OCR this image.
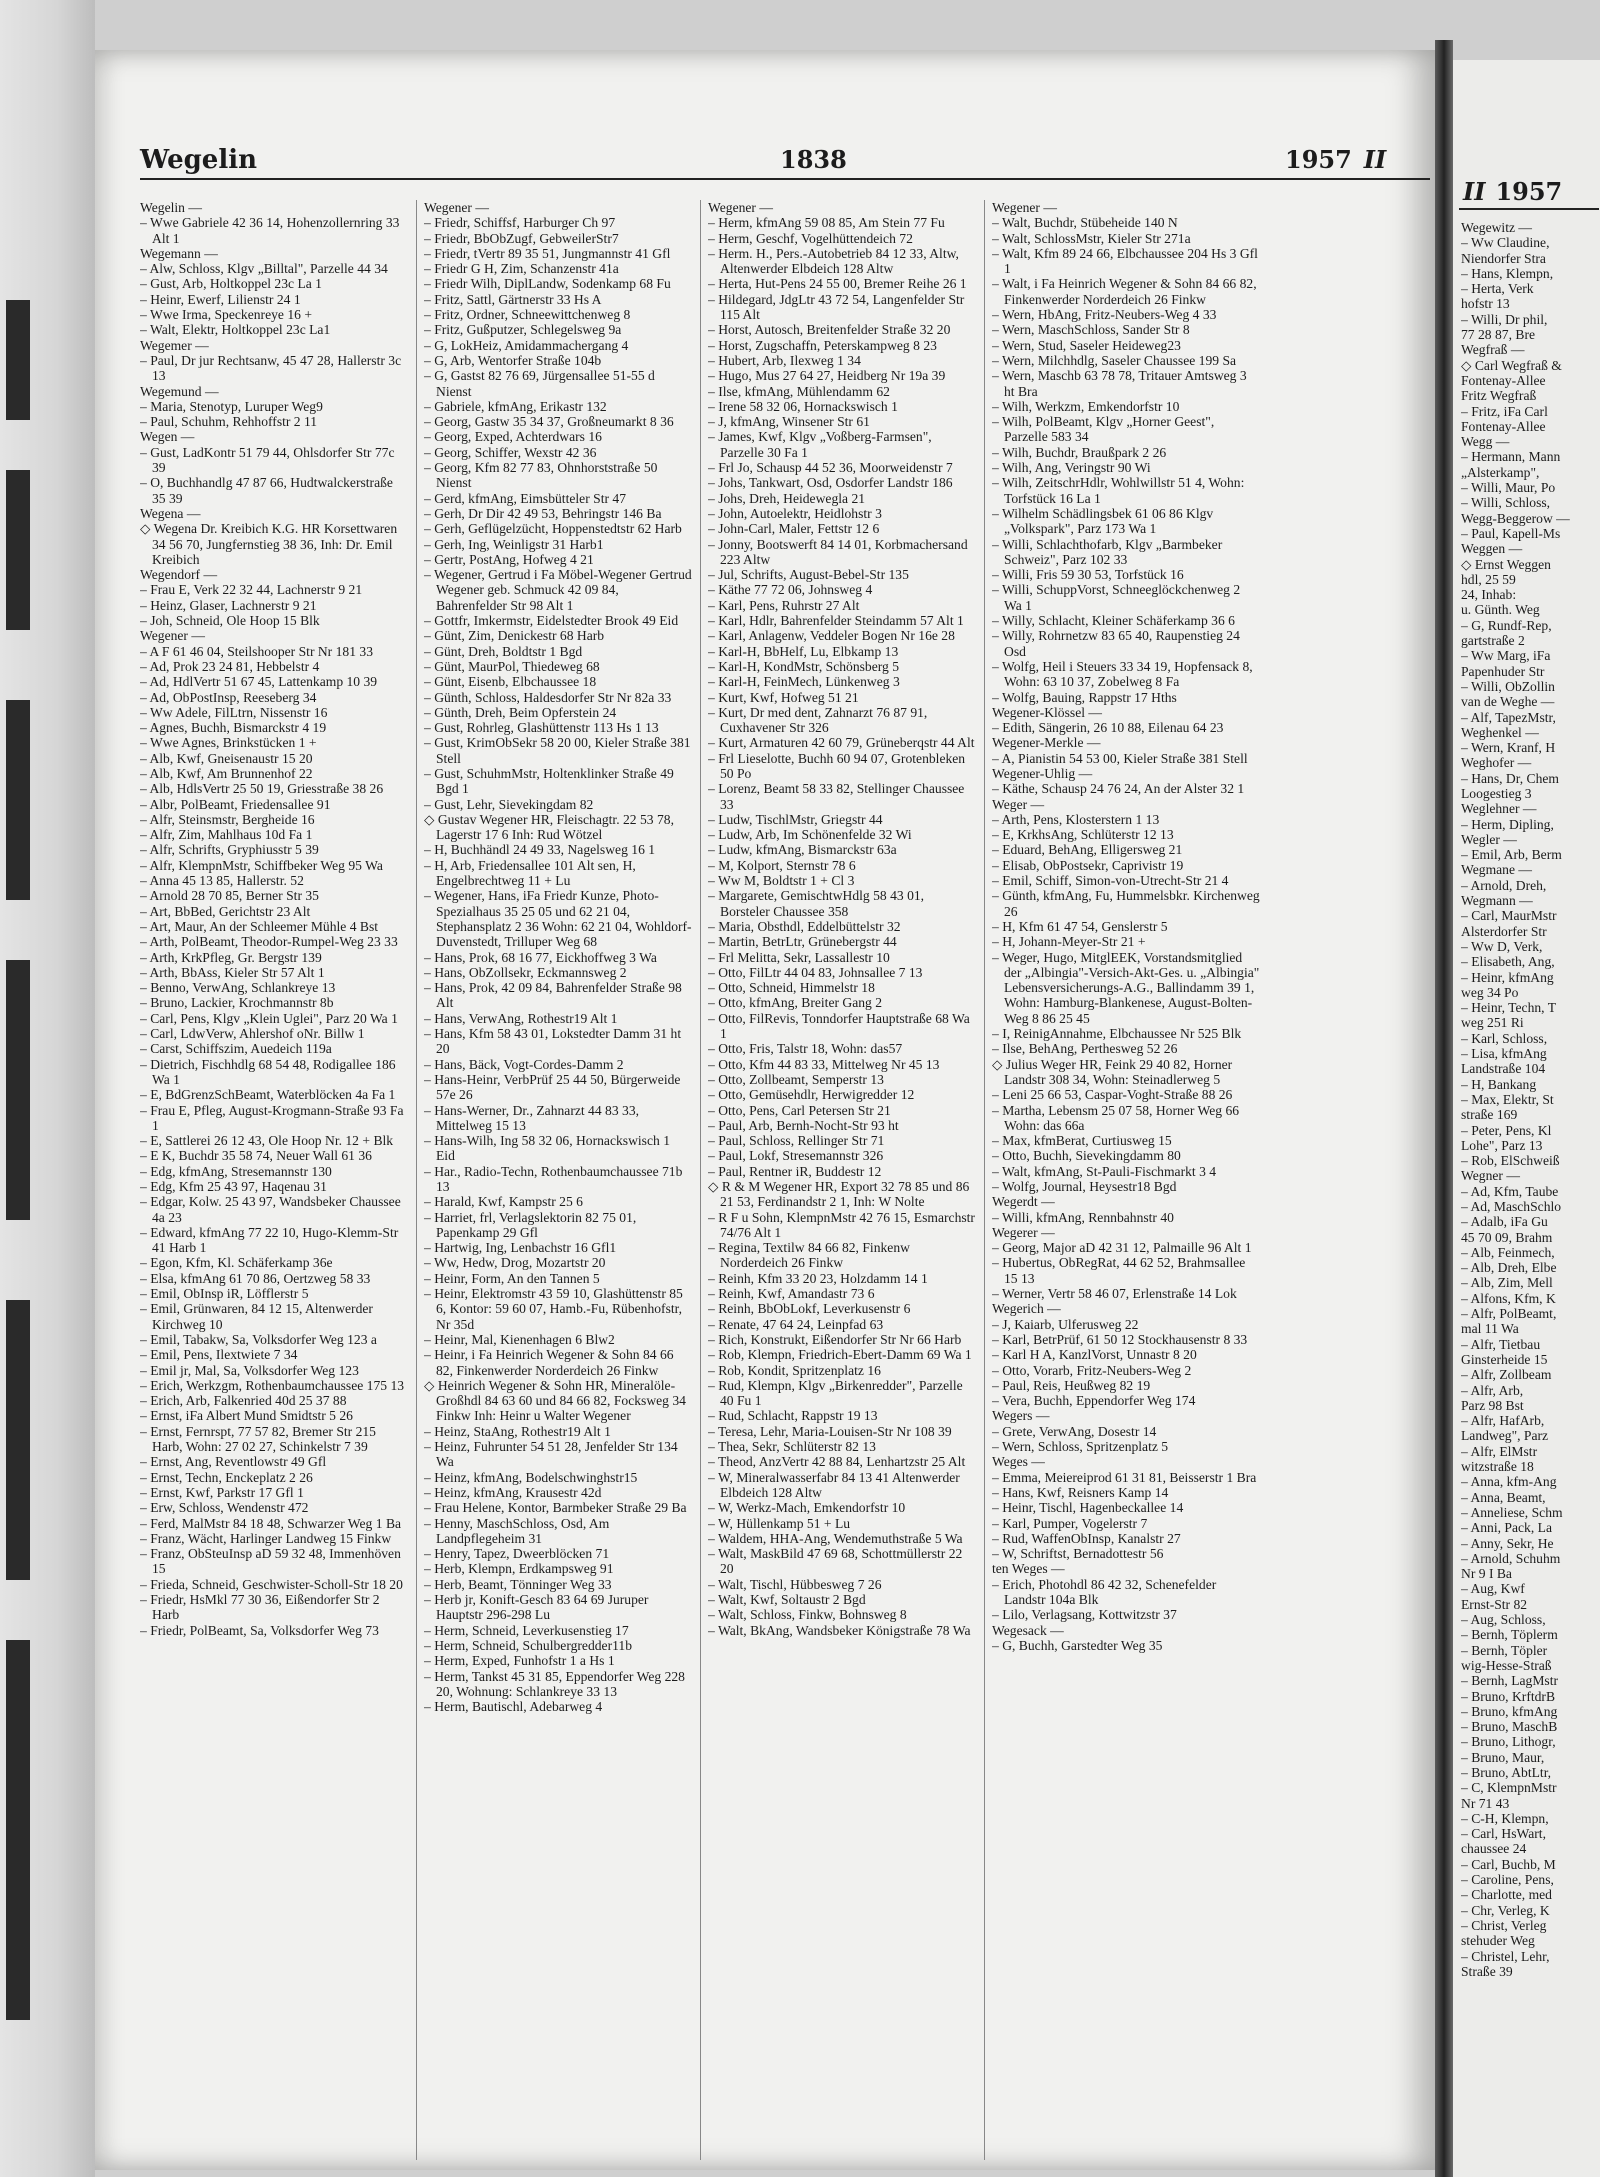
Wegelin	1838	1957 II
Wegelin —
– Wwe Gabriele 42 36 14, Hohenzollernring 33 Alt 1
Wegemann —
– Alw, Schloss, Klgv „Billtal", Parzelle 44 34
– Gust, Arb, Holtkoppel 23c La 1
– Heinr, Ewerf, Lilienstr 24 1
– Wwe Irma, Speckenreye 16 +
– Walt, Elektr, Holtkoppel 23c La1
Wegemer —
– Paul, Dr jur Rechtsanw, 45 47 28, Hallerstr 3c 13
Wegemund —
– Maria, Stenotyp, Luruper Weg9
– Paul, Schuhm, Rehhoffstr 2 11
Wegen —
– Gust, LadKontr 51 79 44, Ohlsdorfer Str 77c 39
– O, Buchhandlg 47 87 66, Hudtwalckerstraße 35 39
Wegena —
◇ Wegena Dr. Kreibich K.G. HR Korsettwaren 34 56 70, Jungfernstieg 38 36, Inh: Dr. Emil Kreibich
Wegendorf —
– Frau E, Verk 22 32 44, Lachnerstr 9 21
– Heinz, Glaser, Lachnerstr 9 21
– Joh, Schneid, Ole Hoop 15 Blk
Wegener —
– A F 61 46 04, Steilshooper Str Nr 181 33
– Ad, Prok 23 24 81, Hebbelstr 4
– Ad, HdlVertr 51 67 45, Lattenkamp 10 39
– Ad, ObPostInsp, Reeseberg 34
– Ww Adele, FilLtrn, Nissenstr 16
– Agnes, Buchh, Bismarckstr 4 19
– Wwe Agnes, Brinkstücken 1 +
– Alb, Kwf, Gneisenaustr 15 20
– Alb, Kwf, Am Brunnenhof 22
– Alb, HdlsVertr 25 50 19, Griesstraße 38 26
– Albr, PolBeamt, Friedensallee 91
– Alfr, Steinsmstr, Bergheide 16
– Alfr, Zim, Mahlhaus 10d Fa 1
– Alfr, Schrifts, Gryphiusstr 5 39
– Alfr, KlempnMstr, Schiffbeker Weg 95 Wa
– Anna 45 13 85, Hallerstr. 52
– Arnold 28 70 85, Berner Str 35
– Art, BbBed, Gerichtstr 23 Alt
– Art, Maur, An der Schleemer Mühle 4 Bst
– Arth, PolBeamt, Theodor-Rumpel-Weg 23 33
– Arth, KrkPfleg, Gr. Bergstr 139
– Arth, BbAss, Kieler Str 57 Alt 1
– Benno, VerwAng, Schlankreye 13
– Bruno, Lackier, Krochmannstr 8b
– Carl, Pens, Klgv „Klein Uglei", Parz 20 Wa 1
– Carl, LdwVerw, Ahlershof oNr. Billw 1
– Carst, Schiffszim, Auedeich 119a
– Dietrich, Fischhdlg 68 54 48, Rodigallee 186 Wa 1
– E, BdGrenzSchBeamt, Waterblöcken 4a Fa 1
– Frau E, Pfleg, August-Krogmann-Straße 93 Fa 1
– E, Sattlerei 26 12 43, Ole Hoop Nr. 12 + Blk
– E K, Buchdr 35 58 74, Neuer Wall 61 36
– Edg, kfmAng, Stresemannstr 130
– Edg, Kfm 25 43 97, Haqenau 31
– Edgar, Kolw. 25 43 97, Wandsbeker Chaussee 4a 23
– Edward, kfmAng 77 22 10, Hugo-Klemm-Str 41 Harb 1
– Egon, Kfm, Kl. Schäferkamp 36e
– Elsa, kfmAng 61 70 86, Oertzweg 58 33
– Emil, ObInsp iR, Löfflerstr 5
– Emil, Grünwaren, 84 12 15, Altenwerder Kirchweg 10
– Emil, Tabakw, Sa, Volksdorfer Weg 123 a
– Emil, Pens, Ilextwiete 7 34
– Emil jr, Mal, Sa, Volksdorfer Weg 123
– Erich, Werkzgm, Rothenbaumchaussee 175 13
– Erich, Arb, Falkenried 40d 25 37 88
– Ernst, iFa Albert Mund Smidtstr 5 26
– Ernst, Fernrspt, 77 57 82, Bremer Str 215 Harb, Wohn: 27 02 27, Schinkelstr 7 39
– Ernst, Ang, Reventlowstr 49 Gfl
– Ernst, Techn, Enckeplatz 2 26
– Ernst, Kwf, Parkstr 17 Gfl 1
– Erw, Schloss, Wendenstr 472
– Ferd, MalMstr 84 18 48, Schwarzer Weg 1 Ba
– Franz, Wächt, Harlinger Landweg 15 Finkw
– Franz, ObSteuInsp aD 59 32 48, Immenhöven 15
– Frieda, Schneid, Geschwister-Scholl-Str 18 20
– Friedr, HsMkl 77 30 36, Eißendorfer Str 2 Harb
– Friedr, PolBeamt, Sa, Volksdorfer Weg 73
Wegener —
– Friedr, Schiffsf, Harburger Ch 97
– Friedr, BbObZugf, GebweilerStr7
– Friedr, tVertr 89 35 51, Jungmannstr 41 Gfl
– Friedr G H, Zim, Schanzenstr 41a
– Friedr Wilh, DiplLandw, Sodenkamp 68 Fu
– Fritz, Sattl, Gärtnerstr 33 Hs A
– Fritz, Ordner, Schneewittchenweg 8
– Fritz, Gußputzer, Schlegelsweg 9a
– G, LokHeiz, Amidammachergang 4
– G, Arb, Wentorfer Straße 104b
– G, Gastst 82 76 69, Jürgensallee 51-55 d Nienst
– Gabriele, kfmAng, Erikastr 132
– Georg, Gastw 35 34 37, Großneumarkt 8 36
– Georg, Exped, Achterdwars 16
– Georg, Schiffer, Wexstr 42 36
– Georg, Kfm 82 77 83, Ohnhorststraße 50 Nienst
– Gerd, kfmAng, Eimsbütteler Str 47
– Gerh, Dr Dir 42 49 53, Behringstr 146 Ba
– Gerh, Geflügelzücht, Hoppenstedtstr 62 Harb
– Gerh, Ing, Weinligstr 31 Harb1
– Gertr, PostAng, Hofweg 4 21
– Wegener, Gertrud i Fa Möbel-Wegener Gertrud Wegener geb. Schmuck 42 09 84, Bahrenfelder Str 98 Alt 1
– Gottfr, Imkermstr, Eidelstedter Brook 49 Eid
– Günt, Zim, Denickestr 68 Harb
– Günt, Dreh, Boldtstr 1 Bgd
– Günt, MaurPol, Thiedeweg 68
– Günt, Eisenb, Elbchaussee 18
– Günth, Schloss, Haldesdorfer Str Nr 82a 33
– Günth, Dreh, Beim Opferstein 24
– Gust, Rohrleg, Glashüttenstr 113 Hs 1 13
– Gust, KrimObSekr 58 20 00, Kieler Straße 381 Stell
– Gust, SchuhmMstr, Holtenklinker Straße 49 Bgd 1
– Gust, Lehr, Sievekingdam 82
◇ Gustav Wegener HR, Fleischagtr. 22 53 78, Lagerstr 17 6 Inh: Rud Wötzel
– H, Buchhändl 24 49 33, Nagelsweg 16 1
– H, Arb, Friedensallee 101 Alt sen, H, Engelbrechtweg 11 + Lu
– Wegener, Hans, iFa Friedr Kunze, Photo-Spezialhaus 35 25 05 und 62 21 04, Stephansplatz 2 36 Wohn: 62 21 04, Wohldorf-Duvenstedt, Trilluper Weg 68
– Hans, Prok, 68 16 77, Eickhoffweg 3 Wa
– Hans, ObZollsekr, Eckmannsweg 2
– Hans, Prok, 42 09 84, Bahrenfelder Straße 98 Alt
– Hans, VerwAng, Rothestr19 Alt 1
– Hans, Kfm 58 43 01, Lokstedter Damm 31 ht 20
– Hans, Bäck, Vogt-Cordes-Damm 2
– Hans-Heinr, VerbPrüf 25 44 50, Bürgerweide 57e 26
– Hans-Werner, Dr., Zahnarzt 44 83 33, Mittelweg 15 13
– Hans-Wilh, Ing 58 32 06, Hornackswisch 1 Eid
– Har., Radio-Techn, Rothenbaumchaussee 71b 13
– Harald, Kwf, Kampstr 25 6
– Harriet, frl, Verlagslektorin 82 75 01, Papenkamp 29 Gfl
– Hartwig, Ing, Lenbachstr 16 Gfl1
– Ww, Hedw, Drog, Mozartstr 20
– Heinr, Form, An den Tannen 5
– Heinr, Elektromstr 43 59 10, Glashüttenstr 85 6, Kontor: 59 60 07, Hamb.-Fu, Rübenhofstr, Nr 35d
– Heinr, Mal, Kienenhagen 6 Blw2
– Heinr, i Fa Heinrich Wegener & Sohn 84 66 82, Finkenwerder Norderdeich 26 Finkw
◇ Heinrich Wegener & Sohn HR, Mineralöle-Großhdl 84 63 60 und 84 66 82, Focksweg 34 Finkw Inh: Heinr u Walter Wegener
– Heinz, StaAng, Rothestr19 Alt 1
– Heinz, Fuhrunter 54 51 28, Jenfelder Str 134 Wa
– Heinz, kfmAng, Bodelschwinghstr15
– Heinz, kfmAng, Krausestr 42d
– Frau Helene, Kontor, Barmbeker Straße 29 Ba
– Henny, MaschSchloss, Osd, Am Landpflegeheim 31
– Henry, Tapez, Dweerblöcken 71
– Herb, Klempn, Erdkampsweg 91
– Herb, Beamt, Tönninger Weg 33
– Herb jr, Konift-Gesch 83 64 69 Juruper Hauptstr 296-298 Lu
– Herm, Schneid, Leverkusenstieg 17
– Herm, Schneid, Schulbergredder11b
– Herm, Exped, Funhofstr 1 a Hs 1
– Herm, Tankst 45 31 85, Eppendorfer Weg 228 20, Wohnung: Schlankreye 33 13
– Herm, Bautischl, Adebarweg 4
Wegener —
– Herm, kfmAng 59 08 85, Am Stein 77 Fu
– Herm, Geschf, Vogelhüttendeich 72
– Herm. H., Pers.-Autobetrieb 84 12 33, Altw, Altenwerder Elbdeich 128 Altw
– Herta, Hut-Pens 24 55 00, Bremer Reihe 26 1
– Hildegard, JdgLtr 43 72 54, Langenfelder Str 115 Alt
– Horst, Autosch, Breitenfelder Straße 32 20
– Horst, Zugschaffn, Peterskampweg 8 23
– Hubert, Arb, Ilexweg 1 34
– Hugo, Mus 27 64 27, Heidberg Nr 19a 39
– Ilse, kfmAng, Mühlendamm 62
– Irene 58 32 06, Hornackswisch 1
– J, kfmAng, Winsener Str 61
– James, Kwf, Klgv „Voßberg-Farmsen", Parzelle 30 Fa 1
– Frl Jo, Schausp 44 52 36, Moorweidenstr 7
– Johs, Tankwart, Osd, Osdorfer Landstr 186
– Johs, Dreh, Heidewegla 21
– John, Autoelektr, Heidlohstr 3
– John-Carl, Maler, Fettstr 12 6
– Jonny, Bootswerft 84 14 01, Korbmachersand 223 Altw
– Jul, Schrifts, August-Bebel-Str 135
– Käthe 77 72 06, Johnsweg 4
– Karl, Pens, Ruhrstr 27 Alt
– Karl, Hdlr, Bahrenfelder Steindamm 57 Alt 1
– Karl, Anlagenw, Veddeler Bogen Nr 16e 28
– Karl-H, BbHelf, Lu, Elbkamp 13
– Karl-H, KondMstr, Schönsberg 5
– Karl-H, FeinMech, Lünkenweg 3
– Kurt, Kwf, Hofweg 51 21
– Kurt, Dr med dent, Zahnarzt 76 87 91, Cuxhavener Str 326
– Kurt, Armaturen 42 60 79, Grüneberqstr 44 Alt
– Frl Lieselotte, Buchh 60 94 07, Grotenbleken 50 Po
– Lorenz, Beamt 58 33 82, Stellinger Chaussee 33
– Ludw, TischlMstr, Griegstr 44
– Ludw, Arb, Im Schönenfelde 32 Wi
– Ludw, kfmAng, Bismarckstr 63a
– M, Kolport, Sternstr 78 6
– Ww M, Boldtstr 1 + Cl 3
– Margarete, GemischtwHdlg 58 43 01, Borsteler Chaussee 358
– Maria, Obsthdl, Eddelbüttelstr 32
– Martin, BetrLtr, Grünebergstr 44
– Frl Melitta, Sekr, Lassallestr 10
– Otto, FilLtr 44 04 83, Johnsallee 7 13
– Otto, Schneid, Himmelstr 18
– Otto, kfmAng, Breiter Gang 2
– Otto, FilRevis, Tonndorfer Hauptstraße 68 Wa 1
– Otto, Fris, Talstr 18, Wohn: das57
– Otto, Kfm 44 83 33, Mittelweg Nr 45 13
– Otto, Zollbeamt, Semperstr 13
– Otto, Gemüsehdlr, Herwigredder 12
– Otto, Pens, Carl Petersen Str 21
– Paul, Arb, Bernh-Nocht-Str 93 ht
– Paul, Schloss, Rellinger Str 71
– Paul, Lokf, Stresemannstr 326
– Paul, Rentner iR, Buddestr 12
◇ R & M Wegener HR, Export 32 78 85 und 86 21 53, Ferdinandstr 2 1, Inh: W Nolte
– R F u Sohn, KlempnMstr 42 76 15, Esmarchstr 74/76 Alt 1
– Regina, Textilw 84 66 82, Finkenw Norderdeich 26 Finkw
– Reinh, Kfm 33 20 23, Holzdamm 14 1
– Reinh, Kwf, Amandastr 73 6
– Reinh, BbObLokf, Leverkusenstr 6
– Renate, 47 64 24, Leinpfad 63
– Rich, Konstrukt, Eißendorfer Str Nr 66 Harb
– Rob, Klempn, Friedrich-Ebert-Damm 69 Wa 1
– Rob, Kondit, Spritzenplatz 16
– Rud, Klempn, Klgv „Birkenredder", Parzelle 40 Fu 1
– Rud, Schlacht, Rappstr 19 13
– Teresa, Lehr, Maria-Louisen-Str Nr 108 39
– Thea, Sekr, Schlüterstr 82 13
– Theod, AnzVertr 42 88 84, Lenhartzstr 25 Alt
– W, Mineralwasserfabr 84 13 41 Altenwerder Elbdeich 128 Altw
– W, Werkz-Mach, Emkendorfstr 10
– W, Hüllenkamp 51 + Lu
– Waldem, HHA-Ang, Wendemuthstraße 5 Wa
– Walt, MaskBild 47 69 68, Schottmüllerstr 22 20
– Walt, Tischl, Hübbesweg 7 26
– Walt, Kwf, Soltaustr 2 Bgd
– Walt, Schloss, Finkw, Bohnsweg 8
– Walt, BkAng, Wandsbeker Königstraße 78 Wa
Wegener —
– Walt, Buchdr, Stübeheide 140 N
– Walt, SchlossMstr, Kieler Str 271a
– Walt, Kfm 89 24 66, Elbchaussee 204 Hs 3 Gfl 1
– Walt, i Fa Heinrich Wegener & Sohn 84 66 82, Finkenwerder Norderdeich 26 Finkw
– Wern, HbAng, Fritz-Neubers-Weg 4 33
– Wern, MaschSchloss, Sander Str 8
– Wern, Stud, Saseler Heideweg23
– Wern, Milchhdlg, Saseler Chaussee 199 Sa
– Wern, Maschb 63 78 78, Tritauer Amtsweg 3 ht Bra
– Wilh, Werkzm, Emkendorfstr 10
– Wilh, PolBeamt, Klgv „Horner Geest", Parzelle 583 34
– Wilh, Buchdr, Braußpark 2 26
– Wilh, Ang, Veringstr 90 Wi
– Wilh, ZeitschrHdlr, Wohlwillstr 51 4, Wohn: Torfstück 16 La 1
– Wilhelm Schädlingsbek 61 06 86 Klgv „Volkspark", Parz 173 Wa 1
– Willi, Schlachthofarb, Klgv „Barmbeker Schweiz", Parz 102 33
– Willi, Fris 59 30 53, Torfstück 16
– Willi, SchuppVorst, Schneeglöckchenweg 2 Wa 1
– Willy, Schlacht, Kleiner Schäferkamp 36 6
– Willy, Rohrnetzw 83 65 40, Raupenstieg 24 Osd
– Wolfg, Heil i Steuers 33 34 19, Hopfensack 8, Wohn: 63 10 37, Zobelweg 8 Fa
– Wolfg, Bauing, Rappstr 17 Hths
Wegener-Klössel —
– Edith, Sängerin, 26 10 88, Eilenau 64 23
Wegener-Merkle —
– A, Pianistin 54 53 00, Kieler Straße 381 Stell
Wegener-Uhlig —
– Käthe, Schausp 24 76 24, An der Alster 32 1
Weger —
– Arth, Pens, Klosterstern 1 13
– E, KrkhsAng, Schlüterstr 12 13
– Eduard, BehAng, Elligersweg 21
– Elisab, ObPostsekr, Caprivistr 19
– Emil, Schiff, Simon-von-Utrecht-Str 21 4
– Günth, kfmAng, Fu, Hummelsbkr. Kirchenweg 26
– H, Kfm 61 47 54, Genslerstr 5
– H, Johann-Meyer-Str 21 +
– Weger, Hugo, MitglEEK, Vorstandsmitglied der „Albingia"-Versich-Akt-Ges. u. „Albingia" Lebensversicherungs-A.G., Ballindamm 39 1, Wohn: Hamburg-Blankenese, August-Bolten-Weg 8 86 25 45
– I, ReinigAnnahme, Elbchaussee Nr 525 Blk
– Ilse, BehAng, Perthesweg 52 26
◇ Julius Weger HR, Feink 29 40 82, Horner Landstr 308 34, Wohn: Steinadlerweg 5
– Leni 25 66 53, Caspar-Voght-Straße 88 26
– Martha, Lebensm 25 07 58, Horner Weg 66 Wohn: das 66a
– Max, kfmBerat, Curtiusweg 15
– Otto, Buchh, Sievekingdamm 80
– Walt, kfmAng, St-Pauli-Fischmarkt 3 4
– Wolfg, Journal, Heysestr18 Bgd
Wegerdt —
– Willi, kfmAng, Rennbahnstr 40
Wegerer —
– Georg, Major aD 42 31 12, Palmaille 96 Alt 1
– Hubertus, ObRegRat, 44 62 52, Brahmsallee 15 13
– Werner, Vertr 58 46 07, Erlenstraße 14 Lok
Wegerich —
– J, Kaiarb, Ulferusweg 22
– Karl, BetrPrüf, 61 50 12 Stockhausenstr 8 33
– Karl H A, KanzlVorst, Unnastr 8 20
– Otto, Vorarb, Fritz-Neubers-Weg 2
– Paul, Reis, Heußweg 82 19
– Vera, Buchh, Eppendorfer Weg 174
Wegers —
– Grete, VerwAng, Dosestr 14
– Wern, Schloss, Spritzenplatz 5
Weges —
– Emma, Meiereiprod 61 31 81, Beisserstr 1 Bra
– Hans, Kwf, Reisners Kamp 14
– Heinr, Tischl, Hagenbeckallee 14
– Karl, Pumper, Vogelerstr 7
– Rud, WaffenObInsp, Kanalstr 27
– W, Schriftst, Bernadottestr 56
ten Weges —
– Erich, Photohdl 86 42 32, Schenefelder Landstr 104a Blk
– Lilo, Verlagsang, Kottwitzstr 37
Wegesack —
– G, Buchh, Garstedter Weg 35
II 1957
Wegewitz —
– Ww Claudine,
Niendorfer Stra
– Hans, Klempn,
– Herta, Verk
hofstr 13
– Willi, Dr phil,
77 28 87, Bre
Wegfraß —
◇ Carl Wegfraß &
Fontenay-Allee
Fritz Wegfraß
– Fritz, iFa Carl
Fontenay-Allee
Wegg —
– Hermann, Mann
„Alsterkamp",
– Willi, Maur, Po
– Willi, Schloss,
Wegg-Beggerow —
– Paul, Kapell-Ms
Weggen —
◇ Ernst Weggen
hdl, 25 59
24, Inhab:
u. Günth. Weg
– G, Rundf-Rep,
gartstraße 2
– Ww Marg, iFa
Papenhuder Str
– Willi, ObZollin
van de Weghe —
– Alf, TapezMstr,
Weghenkel —
– Wern, Kranf, H
Weghofer —
– Hans, Dr, Chem
Loogestieg 3
Weglehner —
– Herm, Dipling,
Wegler —
– Emil, Arb, Berm
Wegmane —
– Arnold, Dreh,
Wegmann —
– Carl, MaurMstr
Alsterdorfer Str
– Ww D, Verk,
– Elisabeth, Ang,
– Heinr, kfmAng
weg 34 Po
– Heinr, Techn, T
weg 251 Ri
– Karl, Schloss,
– Lisa, kfmAng
Landstraße 104
– H, Bankang
– Max, Elektr, St
straße 169
– Peter, Pens, Kl
Lohe", Parz 13
– Rob, ElSchweiß
Wegner —
– Ad, Kfm, Taube
– Ad, MaschSchlo
– Adalb, iFa Gu
45 70 09, Brahm
– Alb, Feinmech,
– Alb, Dreh, Elbe
– Alb, Zim, Mell
– Alfons, Kfm, K
– Alfr, PolBeamt,
mal 11 Wa
– Alfr, Tietbau
Ginsterheide 15
– Alfr, Zollbeam
– Alfr, Arb,
Parz 98 Bst
– Alfr, HafArb,
Landweg", Parz
– Alfr, ElMstr
witzstraße 18
– Anna, kfm-Ang
– Anna, Beamt,
– Anneliese, Schm
– Anni, Pack, La
– Anny, Sekr, He
– Arnold, Schuhm
Nr 9 I Ba
– Aug, Kwf
Ernst-Str 82
– Aug, Schloss,
– Bernh, Töplerm
– Bernh, Töpler
wig-Hesse-Straß
– Bernh, LagMstr
– Bruno, KrftdrB
– Bruno, kfmAng
– Bruno, MaschB
– Bruno, Lithogr,
– Bruno, Maur,
– Bruno, AbtLtr,
– C, KlempnMstr
Nr 71 43
– C-H, Klempn,
– Carl, HsWart,
chaussee 24
– Carl, Buchb, M
– Caroline, Pens,
– Charlotte, med
– Chr, Verleg, K
– Christ, Verleg
stehuder Weg
– Christel, Lehr,
Straße 39
